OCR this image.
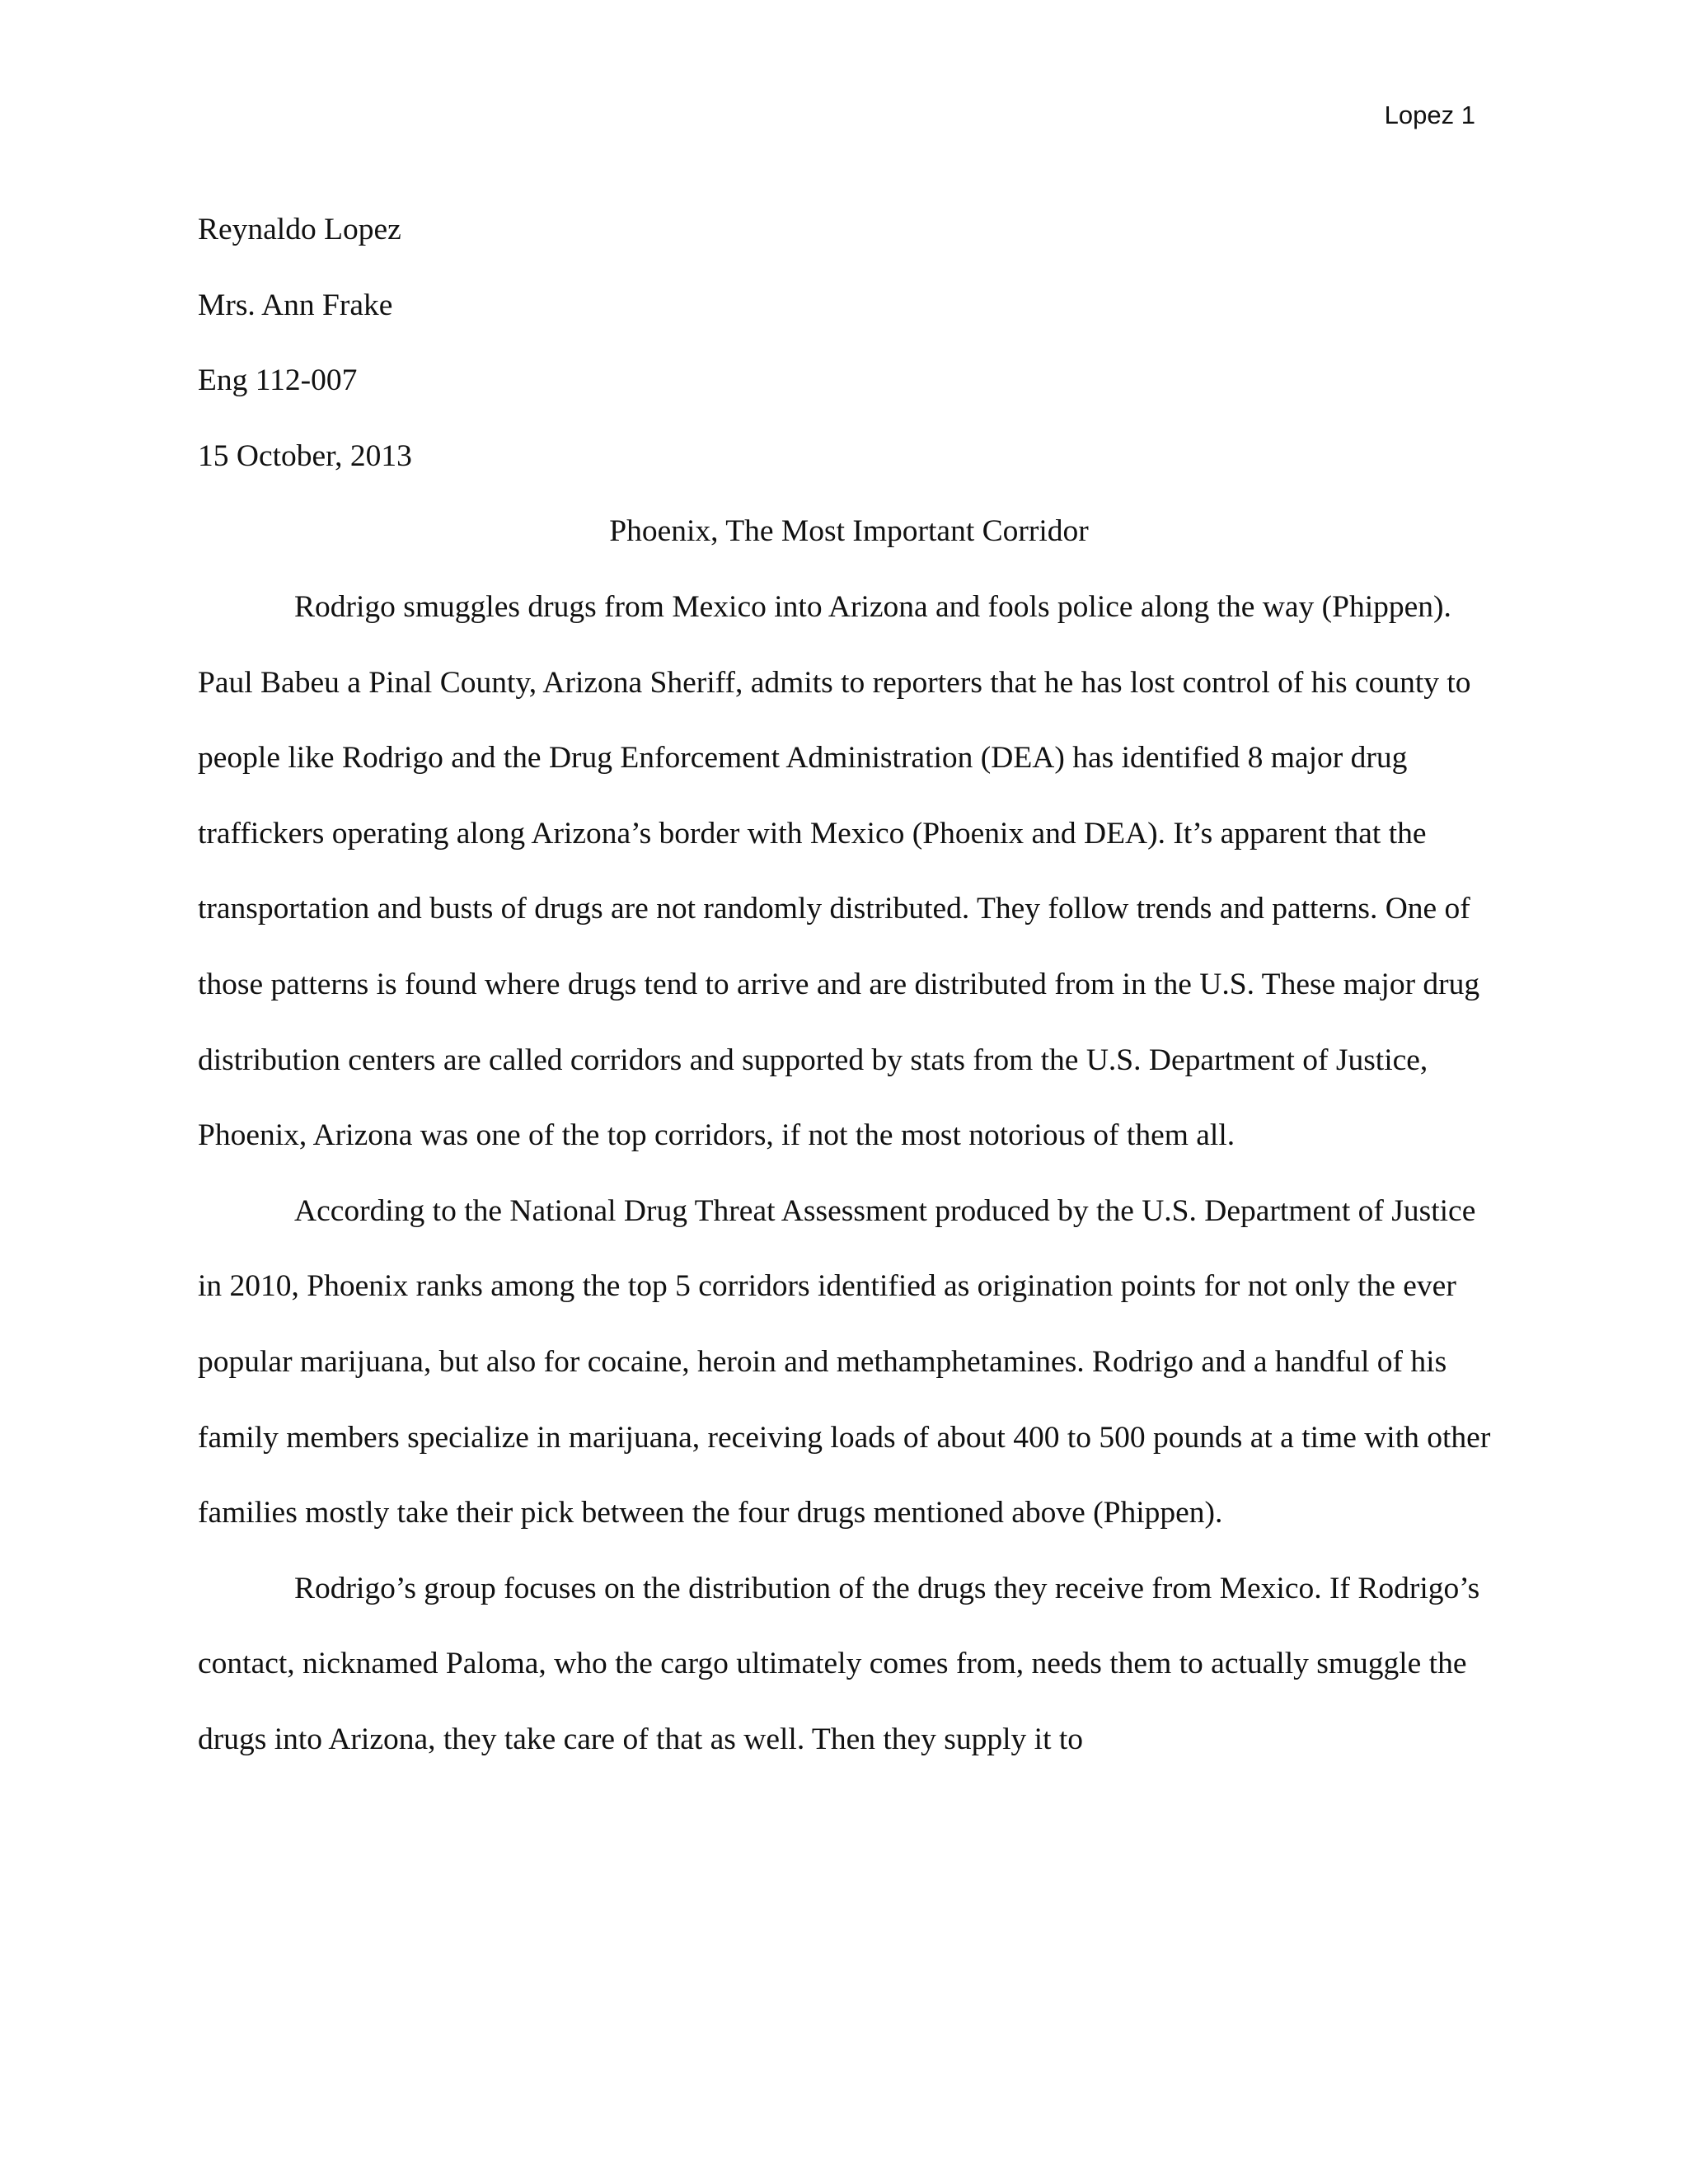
Lopez 1
Reynaldo Lopez
Mrs. Ann Frake
Eng 112-007
15 October, 2013
Phoenix, The Most Important Corridor

Rodrigo smuggles drugs from Mexico into Arizona and fools police along the way (Phippen). Paul Babeu a Pinal County, Arizona Sheriff, admits to reporters that he has lost control of his county to people like Rodrigo and the Drug Enforcement Administration (DEA) has identified 8 major drug traffickers operating along Arizona’s border with Mexico (Phoenix and DEA). It’s apparent that the transportation and busts of drugs are not randomly distributed. They follow trends and patterns. One of those patterns is found where drugs tend to arrive and are distributed from in the U.S. These major drug distribution centers are called corridors and supported by stats from the U.S. Department of Justice, Phoenix, Arizona was one of the top corridors, if not the most notorious of them all.

According to the National Drug Threat Assessment produced by the U.S. Department of Justice in 2010, Phoenix ranks among the top 5 corridors identified as origination points for not only the ever popular marijuana, but also for cocaine, heroin and methamphetamines. Rodrigo and a handful of his family members specialize in marijuana, receiving loads of about 400 to 500 pounds at a time with other families mostly take their pick between the four drugs mentioned above (Phippen).

Rodrigo’s group focuses on the distribution of the drugs they receive from Mexico. If Rodrigo’s contact, nicknamed Paloma, who the cargo ultimately comes from, needs them to actually smuggle the drugs into Arizona, they take care of that as well. Then they supply it to
